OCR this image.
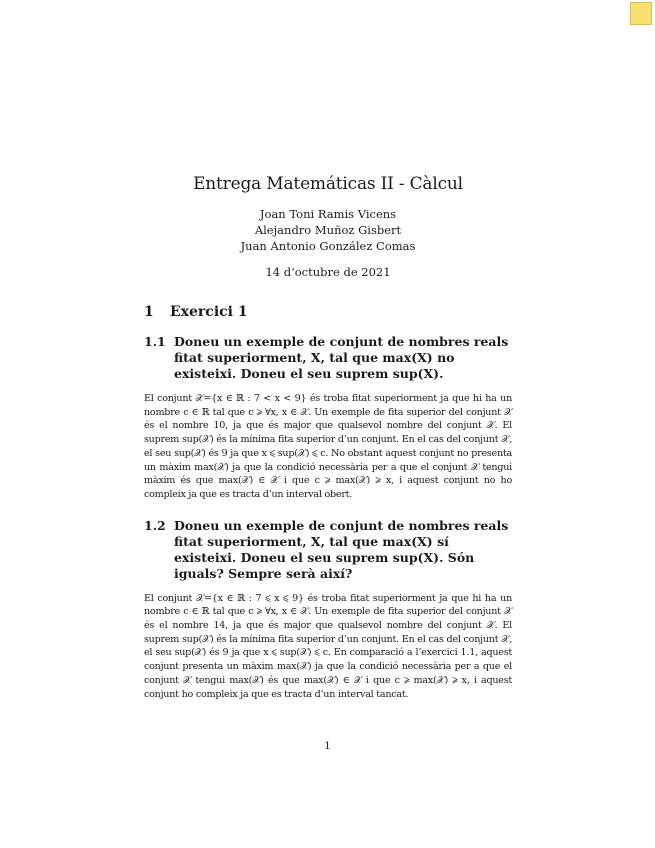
Entrega Matemáticas II - Càlcul
Joan Toni Ramis Vicens
Alejandro Muñoz Gisbert
Juan Antonio González Comas
14 d’octubre de 2021
1	Exercici 1
1.1 Doneu un exemple de conjunt de nombres reals fitat superiorment, X, tal que max(X) no existeixi. Doneu el seu suprem sup(X).

El conjunt 𝒳={x ∈ ℝ : 7 < x < 9} és troba fitat superiorment ja que hi ha un nombre c ∈ ℝ tal que c ⩾ ∀x, x ∈ 𝒳. Un exemple de fita superior del conjunt 𝒳 és el nombre 10, ja que és major que qualsevol nombre del conjunt 𝒳. El suprem sup(𝒳) és la mínima fita superior d’un conjunt. En el cas del conjunt 𝒳, el seu sup(𝒳) és 9 ja que x ⩽ sup(𝒳) ⩽ c. No obstant aquest conjunt no presenta un màxim max(𝒳) ja que la condició necessària per a que el conjunt 𝒳 tengui màxim és que max(𝒳) ∈ 𝒳 i que c ⩾ max(𝒳) ⩾ x, i aquest conjunt no ho compleix ja que es tracta d’un interval obert.

1.2 Doneu un exemple de conjunt de nombres reals fitat superiorment, X, tal que max(X) sí existeixi. Doneu el seu suprem sup(X). Són iguals? Sempre serà així?

El conjunt 𝒳={x ∈ ℝ : 7 ⩽ x ⩽ 9} és troba fitat superiorment ja que hi ha un nombre c ∈ ℝ tal que c ⩾ ∀x, x ∈ 𝒳. Un exemple de fita superior del conjunt 𝒳 és el nombre 14, ja que és major que qualsevol nombre del conjunt 𝒳. El suprem sup(𝒳) és la mínima fita superior d’un conjunt. En el cas del conjunt 𝒳, el seu sup(𝒳) és 9 ja que x ⩽ sup(𝒳) ⩽ c. En comparació a l’exercici 1.1, aquest conjunt presenta un màxim max(𝒳) ja que la condició necessària per a que el conjunt 𝒳 tengui max(𝒳) és que max(𝒳) ∈ 𝒳 i que c ⩾ max(𝒳) ⩾ x, i aquest conjunt ho compleix ja que es tracta d’un interval tancat.

1
